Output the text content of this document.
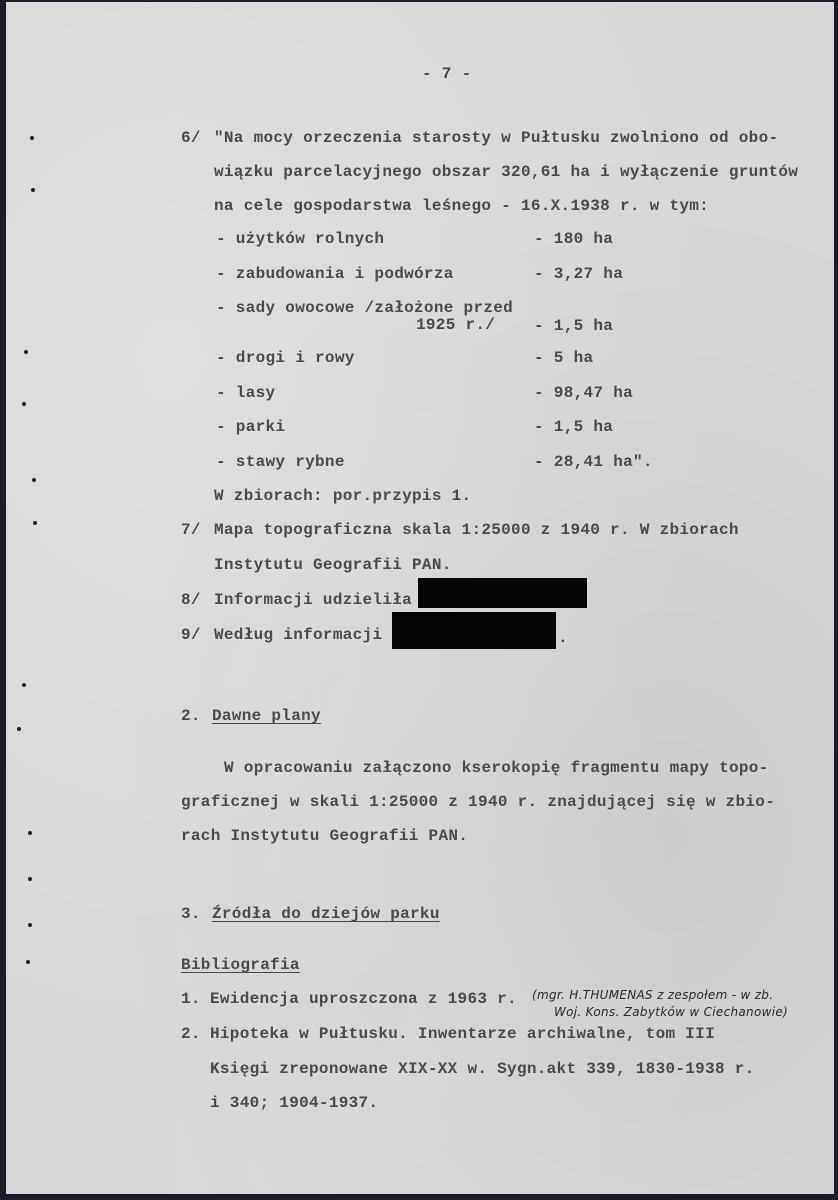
- 7 -
6/ "Na mocy orzeczenia starosty w Pułtusku zwolniono od obo-
wiązku parcelacyjnego obszar 320,61 ha i wyłączenie gruntów
na cele gospodarstwa leśnego - 16.X.1938 r. w tym:
- użytków rolnych	- 180 ha
- zabudowania i podwórza	- 3,27 ha
- sady owocowe /założone przed
1925 r./ - 1,5 ha
- drogi i rowy	- 5 ha
- lasy	- 98,47 ha
- parki	- 1,5 ha
- stawy rybne	- 28,41 ha".
W zbiorach: por.przypis 1.
7/ Mapa topograficzna skala 1:25000 z 1940 r. W zbiorach
Instytutu Geografii PAN.
8/ Informacji udzieliła
9/ Według informacji	.
2. Dawne plany
W opracowaniu załączono kserokopię fragmentu mapy topo-
graficznej w skali 1:25000 z 1940 r. znajdującej się w zbio-
rach Instytutu Geografii PAN.
3. Źródła do dziejów parku
Bibliografia
1. Ewidencja uproszczona z 1963 r. (mgr. H.THUMENAS z zespołem - w zb.
Woj. Kons. Zabytków w Ciechanowie)
2. Hipoteka w Pułtusku. Inwentarze archiwalne, tom III
Księgi zreponowane XIX-XX w. Sygn.akt 339, 1830-1938 r.
i 340; 1904-1937.
